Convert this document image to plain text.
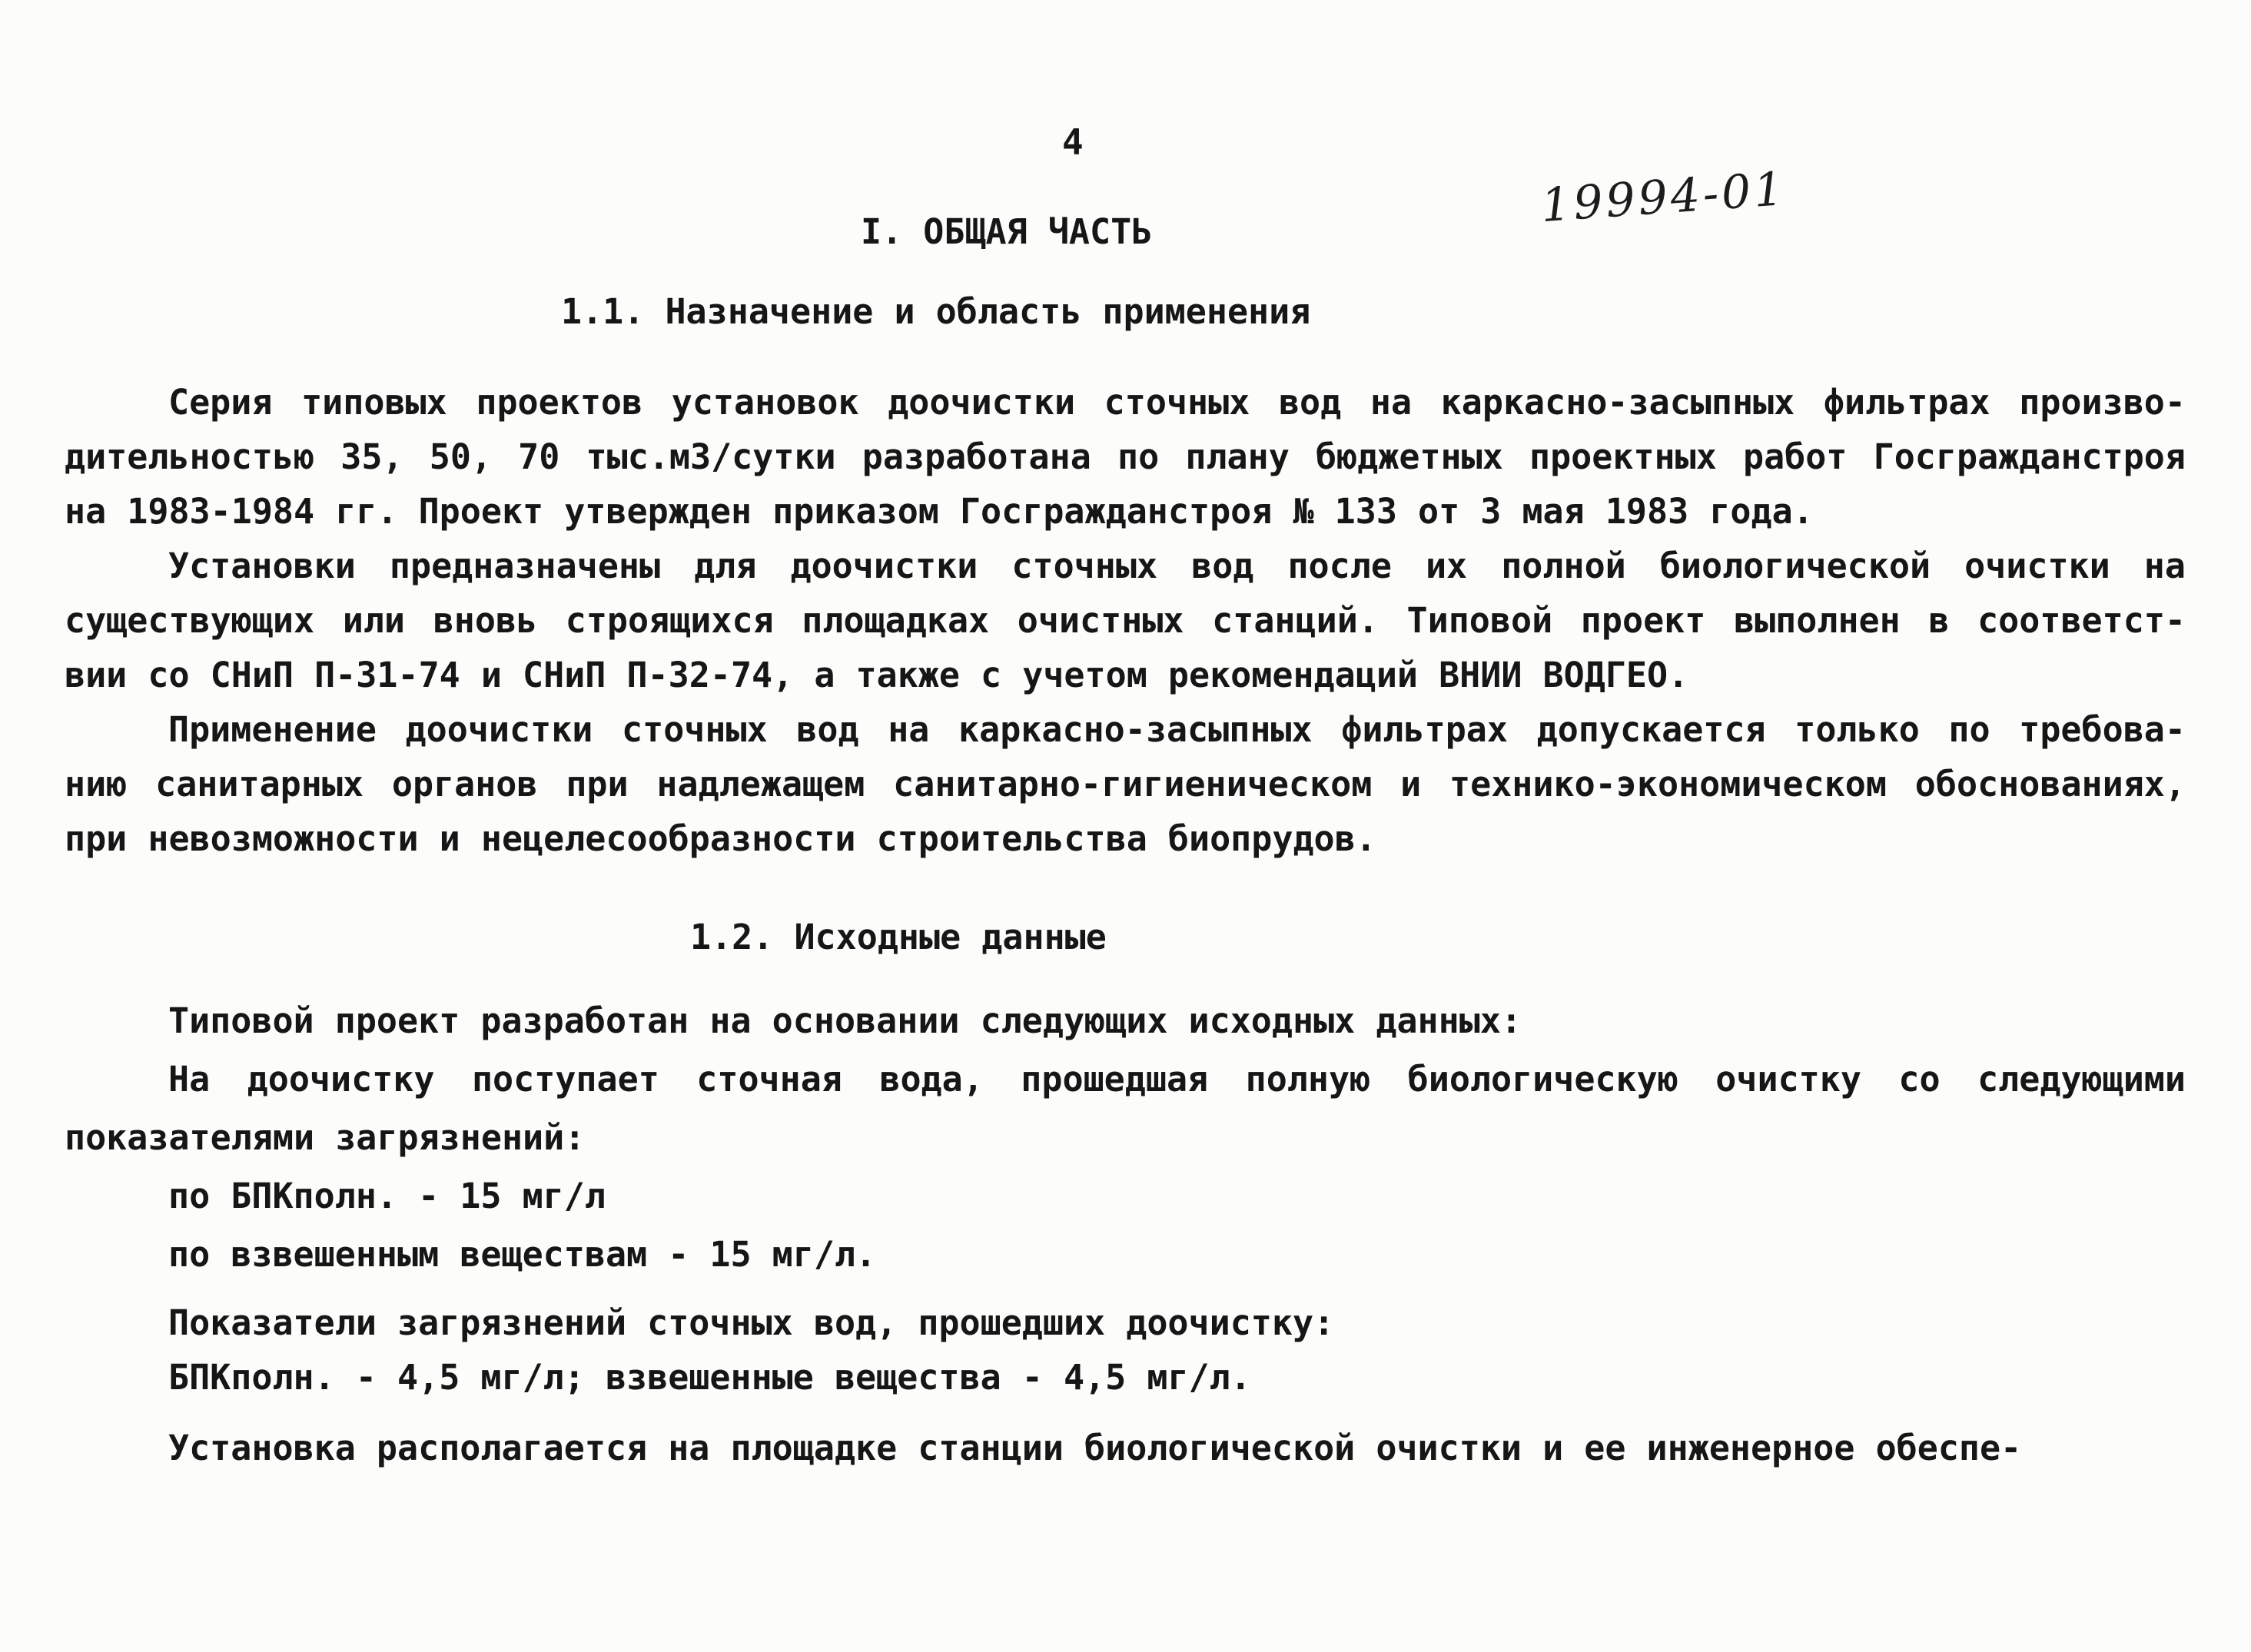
4
19994-01
I. ОБЩАЯ ЧАСТЬ
1.1. Назначение и область применения
Серия типовых проектов установок доочистки сточных вод на каркасно-засыпных фильтрах произво-
дительностью 35, 50, 70 тыс.м3/сутки разработана по плану бюджетных проектных работ Госгражданстроя
на 1983-1984 гг. Проект утвержден приказом Госгражданстроя № 133 от 3 мая 1983 года.
Установки предназначены для доочистки сточных вод после их полной биологической очистки на
существующих или вновь строящихся площадках очистных станций. Типовой проект выполнен в соответст-
вии со СНиП П-31-74 и СНиП П-32-74, а также с учетом рекомендаций ВНИИ ВОДГЕО.
Применение доочистки сточных вод на каркасно-засыпных фильтрах допускается только по требова-
нию санитарных органов при надлежащем санитарно-гигиеническом и технико-экономическом обоснованиях,
при невозможности и нецелесообразности строительства биопрудов.
1.2. Исходные данные
Типовой проект разработан на основании следующих исходных данных:
На доочистку поступает сточная вода, прошедшая полную биологическую очистку со следующими
показателями загрязнений:
по БПКполн. - 15 мг/л
по взвешенным веществам - 15 мг/л.
Показатели загрязнений сточных вод, прошедших доочистку:
БПКполн. - 4,5 мг/л; взвешенные вещества - 4,5 мг/л.
Установка располагается на площадке станции биологической очистки и ее инженерное обеспе-
